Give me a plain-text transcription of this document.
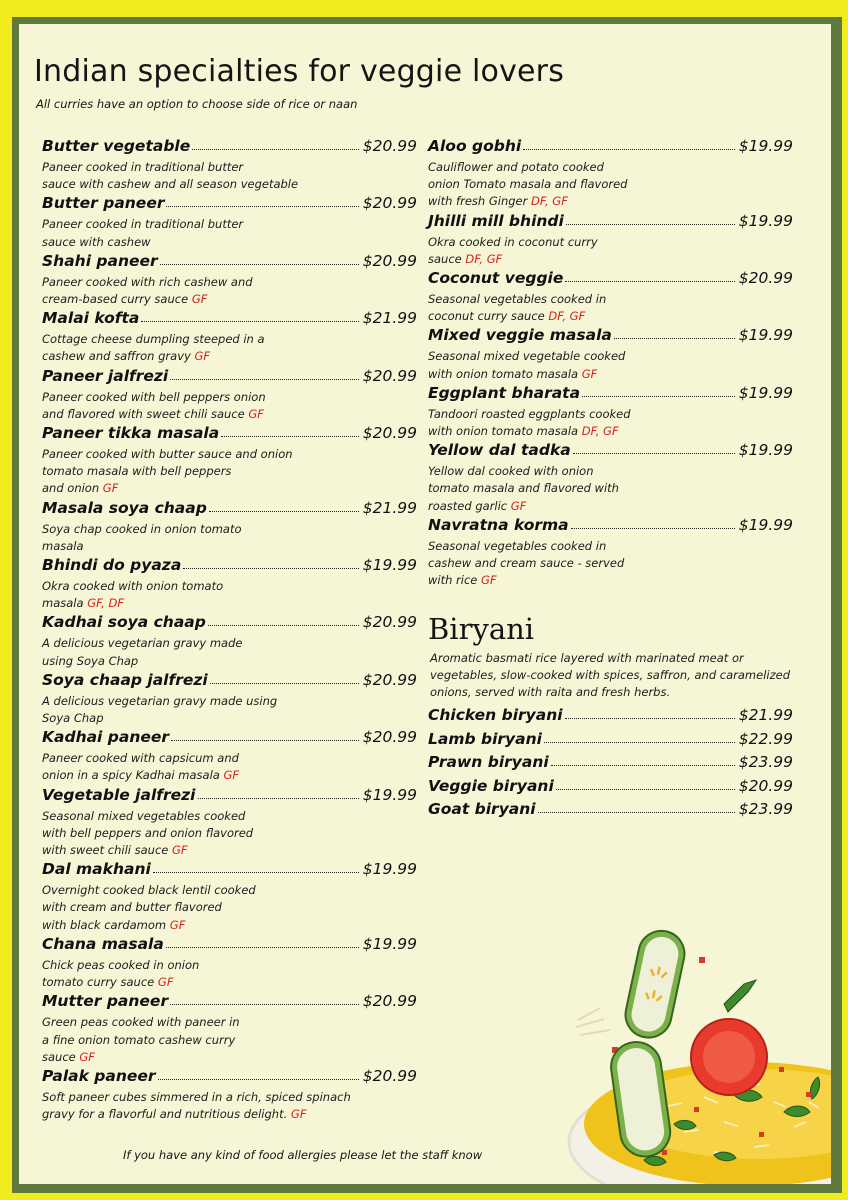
Indian specialties for veggie lovers
All curries have an option to choose side of rice or naan
Butter vegetable	$20.99
Paneer cooked in traditional butter
sauce with cashew and all season vegetable
Butter paneer	$20.99
Paneer cooked in traditional butter
sauce with cashew
Shahi paneer	$20.99
Paneer cooked with rich cashew and
cream-based curry sauce GF
Malai kofta	$21.99
Cottage cheese dumpling steeped in a
cashew and saffron gravy GF
Paneer jalfrezi	$20.99
Paneer cooked with bell peppers onion
and flavored with sweet chili sauce GF
Paneer tikka masala	$20.99
Paneer cooked with butter sauce and onion
tomato masala with bell peppers
and onion GF
Masala soya chaap	$21.99
Soya chap cooked in onion tomato
masala
Bhindi do pyaza	$19.99
Okra cooked with onion tomato
masala GF, DF
Kadhai soya chaap	$20.99
A delicious vegetarian gravy made
using Soya Chap
Soya chaap jalfrezi	$20.99
A delicious vegetarian gravy made using
Soya Chap
Kadhai paneer	$20.99
Paneer cooked with capsicum and
onion in a spicy Kadhai masala GF
Vegetable jalfrezi	$19.99
Seasonal mixed vegetables cooked
with bell peppers and onion flavored
with sweet chili sauce GF
Dal makhani	$19.99
Overnight cooked black lentil cooked
with cream and butter flavored
with black cardamom GF
Chana masala	$19.99
Chick peas cooked in onion
tomato curry sauce GF
Mutter paneer	$20.99
Green peas cooked with paneer in
a fine onion tomato cashew curry
sauce GF
Palak paneer	$20.99
Soft paneer cubes simmered in a rich, spiced spinach
gravy for a flavorful and nutritious delight. GF
Aloo gobhi	$19.99
Cauliflower and potato cooked
onion Tomato masala and flavored
with fresh Ginger DF, GF
Jhilli mill bhindi	$19.99
Okra cooked in coconut curry
sauce DF, GF
Coconut veggie	$20.99
Seasonal vegetables cooked in
coconut curry sauce DF, GF
Mixed veggie masala	$19.99
Seasonal mixed vegetable cooked
with onion tomato masala GF
Eggplant bharata	$19.99
Tandoori roasted eggplants cooked
with onion tomato masala DF, GF
Yellow dal tadka	$19.99
Yellow dal cooked with onion
tomato masala and flavored with
roasted garlic GF
Navratna korma	$19.99
Seasonal vegetables cooked in
cashew and cream sauce - served
with rice GF
Biryani
Aromatic basmati rice layered with marinated meat or vegetables, slow-cooked with spices, saffron, and caramelized onions, served with raita and fresh herbs.
Chicken biryani	$21.99
Lamb biryani	$22.99
Prawn biryani	$23.99
Veggie biryani	$20.99
Goat biryani	$23.99
If you have any kind of food allergies please let the staff know
